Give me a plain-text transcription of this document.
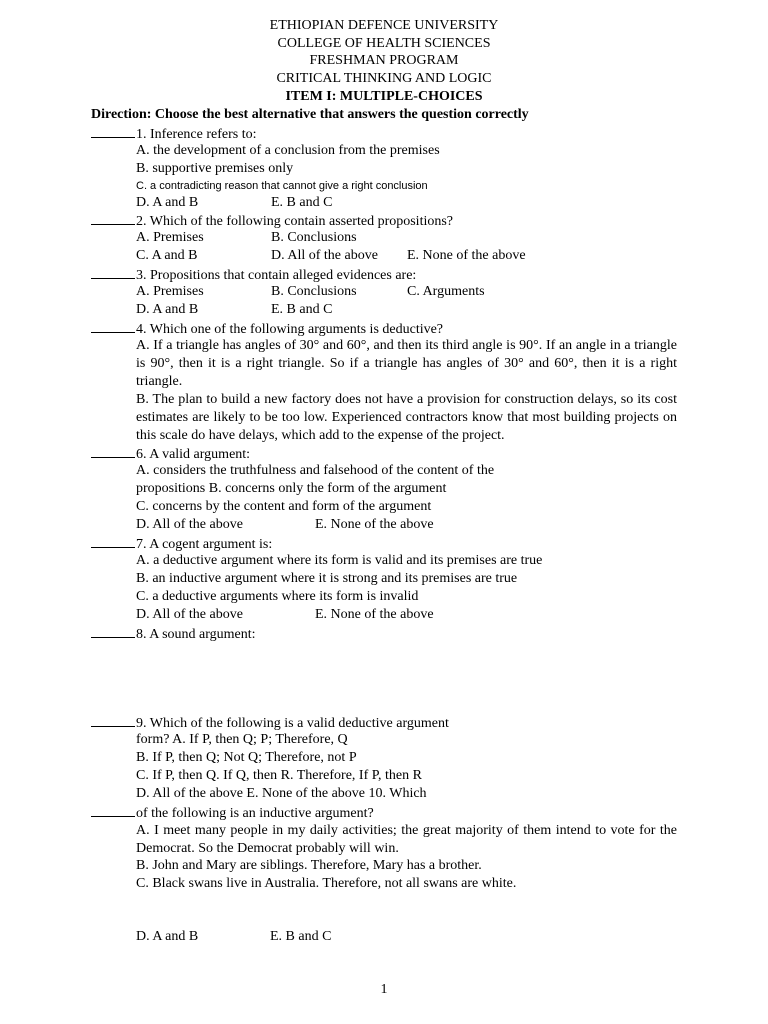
ETHIOPIAN DEFENCE UNIVERSITY
COLLEGE OF HEALTH SCIENCES
FRESHMAN PROGRAM
CRITICAL THINKING AND LOGIC
ITEM I: MULTIPLE-CHOICES
Direction: Choose the best alternative that answers the question correctly
1. Inference refers to:
A. the development of a conclusion from the premises
B. supportive premises only
C. a contradicting reason that cannot give a right conclusion
D. A and B	E. B and C
2. Which of the following contain asserted propositions?
A. Premises	B. Conclusions
C. A and B	D. All of the above E. None of the above
3. Propositions that contain alleged evidences are:
A. Premises	B. Conclusions	C. Arguments
D. A and B	E. B and C
4. Which one of the following arguments is deductive?
A. If a triangle has angles of 30° and 60°, and then its third angle is 90°. If an angle in a triangle is 90°, then it is a right triangle. So if a triangle has angles of 30° and 60°, then it is a right triangle.
B. The plan to build a new factory does not have a provision for construction delays, so its cost estimates are likely to be too low. Experienced contractors know that most building projects on this scale do have delays, which add to the expense of the project.
6. A valid argument:
A. considers the truthfulness and falsehood of the content of the
propositions B. concerns only the form of the argument
C. concerns by the content and form of the argument
D. All of the above	E. None of the above
7. A cogent argument is:
A. a deductive argument where its form is valid and its premises are true
B. an inductive argument where it is strong and its premises are true
C. a deductive arguments where its form is invalid
D. All of the above	E. None of the above
8. A sound argument:
9. Which of the following is a valid deductive argument
form? A. If P, then Q; P; Therefore, Q
B. If P, then Q; Not Q; Therefore, not P
C. If P, then Q. If Q, then R. Therefore, If P, then R
D. All of the above E. None of the above 10. Which
of the following is an inductive argument?
A. I meet many people in my daily activities; the great majority of them intend to vote for the Democrat. So the Democrat probably will win.
B. John and Mary are siblings. Therefore, Mary has a brother.
C. Black swans live in Australia. Therefore, not all swans are white.
D. A and B	E. B and C
1
